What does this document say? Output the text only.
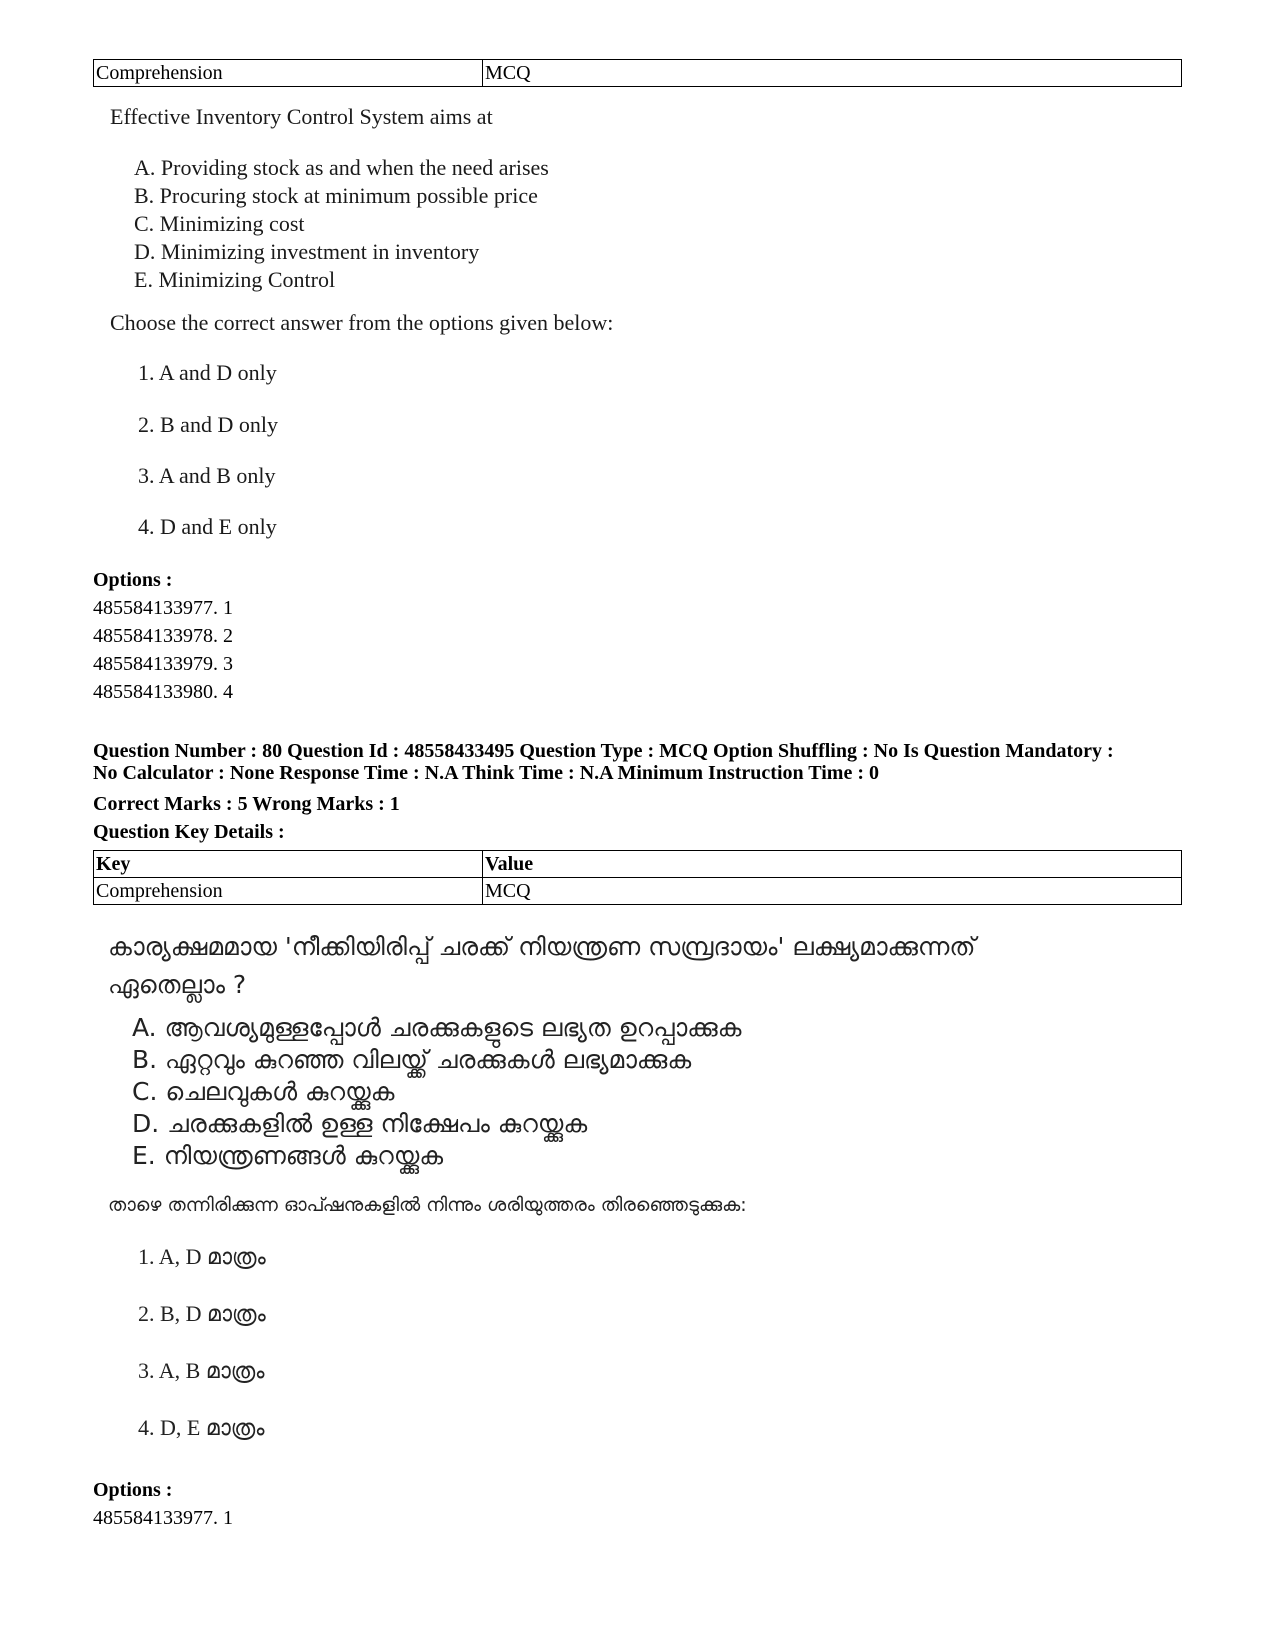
Comprehension	MCQ
Effective Inventory Control System aims at
A. Providing stock as and when the need arises
B. Procuring stock at minimum possible price
C. Minimizing cost
D. Minimizing investment in inventory
E. Minimizing Control
Choose the correct answer from the options given below:
1. A and D only
2. B and D only
3. A and B only
4. D and E only
Options :
485584133977. 1
485584133978. 2
485584133979. 3
485584133980. 4
Question Number : 80 Question Id : 48558433495 Question Type : MCQ Option Shuffling : No Is Question Mandatory :
No Calculator : None Response Time : N.A Think Time : N.A Minimum Instruction Time : 0
Correct Marks : 5 Wrong Marks : 1
Question Key Details :
Key	Value
Comprehension	MCQ
കാര്യക്ഷമമായ 'നീക്കിയിരിപ്പ് ചരക്ക് നിയന്ത്രണ സമ്പ്രദായം' ലക്ഷ്യമാക്കുന്നത്
ഏതെല്ലാം ?
A. ആവശ്യമുള്ളപ്പോൾ ചരക്കുകളുടെ ലഭ്യത ഉറപ്പാക്കുക
B. ഏറ്റവും കുറഞ്ഞ വിലയ്ക്ക് ചരക്കുകൾ ലഭ്യമാക്കുക
C. ചെലവുകൾ കുറയ്ക്കുക
D. ചരക്കുകളിൽ ഉള്ള നിക്ഷേപം കുറയ്ക്കുക
E. നിയന്ത്രണങ്ങൾ കുറയ്ക്കുക
താഴെ തന്നിരിക്കുന്ന ഓപ്ഷനുകളിൽ നിന്നും ശരിയുത്തരം തിരഞ്ഞെടുക്കുക:
1. A, D മാത്രം
2. B, D മാത്രം
3. A, B മാത്രം
4. D, E മാത്രം
Options :
485584133977. 1
